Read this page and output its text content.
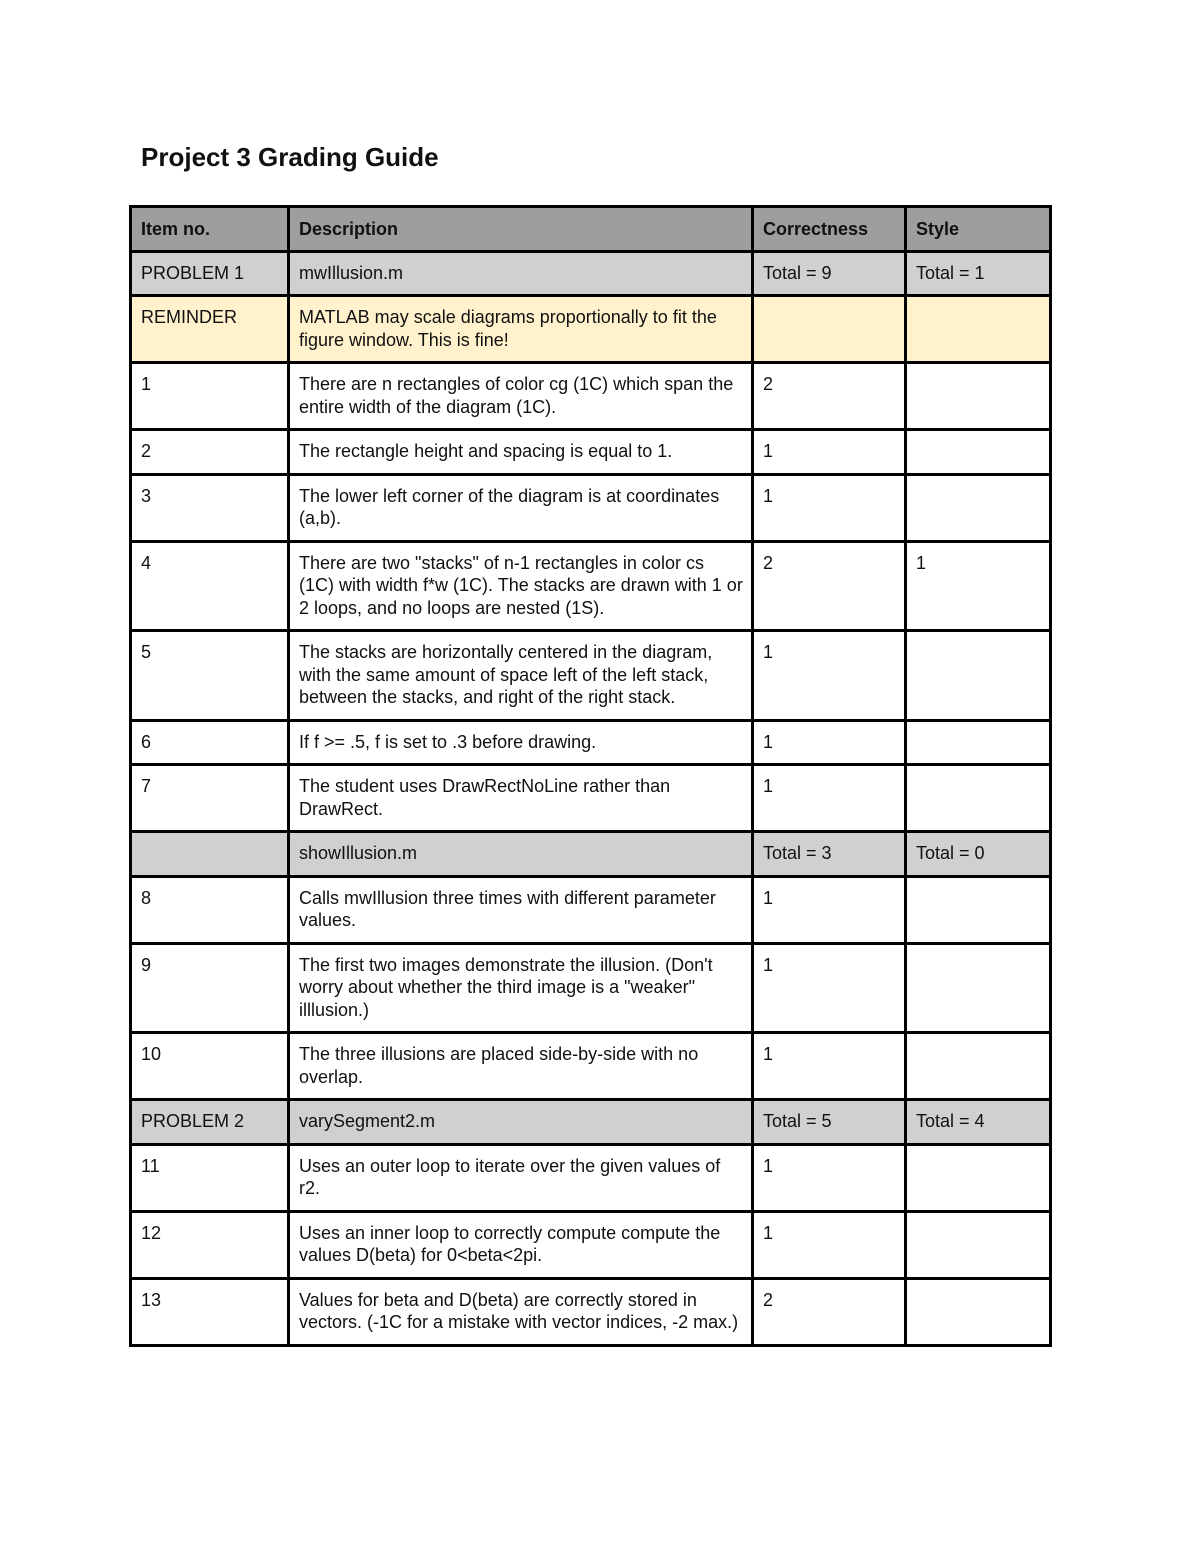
Project 3 Grading Guide
Item no.	Description	Correctness	Style
PROBLEM 1	mwIllusion.m	Total = 9	Total = 1
REMINDER	MATLAB may scale diagrams proportionally to fit the figure window. This is fine!		
1	There are n rectangles of color cg (1C) which span the entire width of the diagram (1C).	2	
2	The rectangle height and spacing is equal to 1.	1	
3	The lower left corner of the diagram is at coordinates (a,b).	1	
4	There are two "stacks" of n-1 rectangles in color cs (1C) with width f*w (1C). The stacks are drawn with 1 or 2 loops, and no loops are nested (1S).	2	1
5	The stacks are horizontally centered in the diagram, with the same amount of space left of the left stack, between the stacks, and right of the right stack.	1	
6	If f >= .5, f is set to .3 before drawing.	1	
7	The student uses DrawRectNoLine rather than DrawRect.	1	
	showIllusion.m	Total = 3	Total = 0
8	Calls mwIllusion three times with different parameter values.	1	
9	The first two images demonstrate the illusion. (Don't worry about whether the third image is a "weaker" illlusion.)	1	
10	The three illusions are placed side-by-side with no overlap.	1	
PROBLEM 2	varySegment2.m	Total = 5	Total = 4
11	Uses an outer loop to iterate over the given values of r2.	1	
12	Uses an inner loop to correctly compute compute the values D(beta) for 0<beta<2pi.	1	
13	Values for beta and D(beta) are correctly stored in vectors. (-1C for a mistake with vector indices, -2 max.)	2	
